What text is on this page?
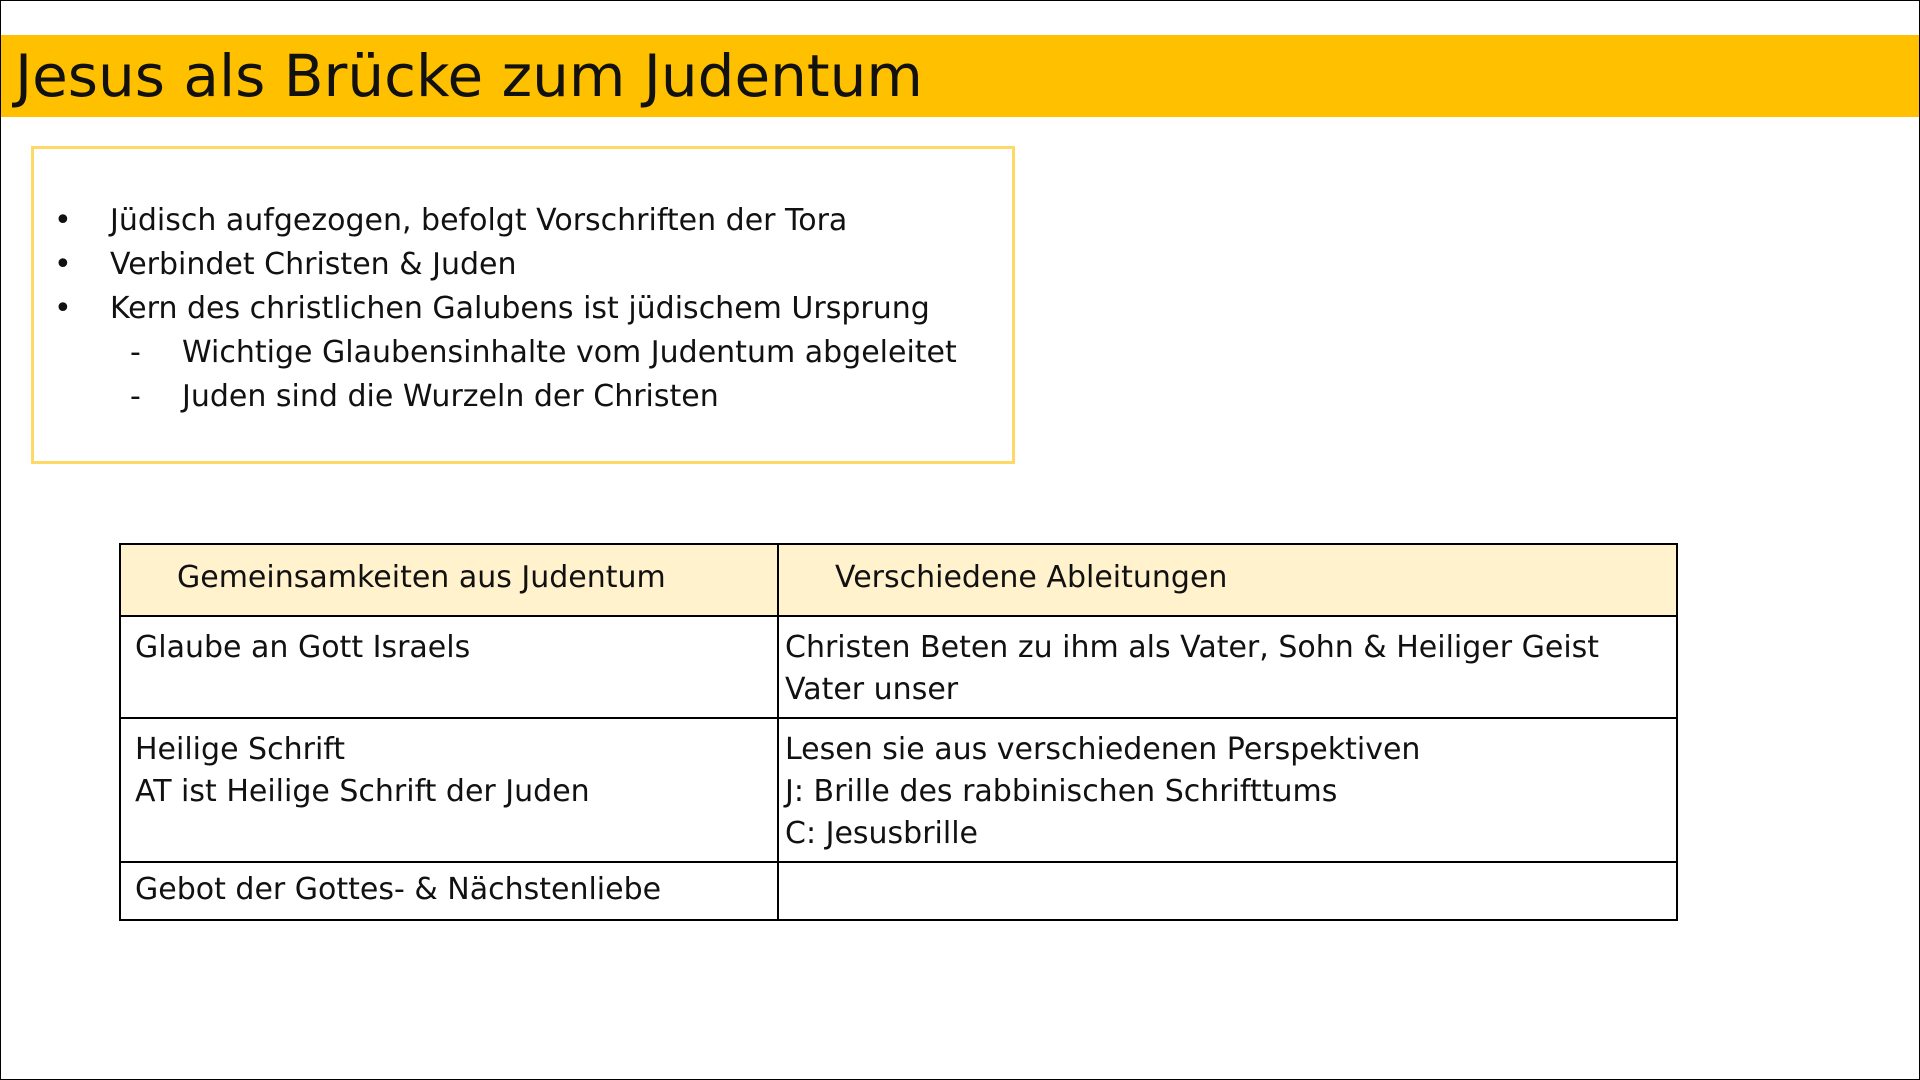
Jesus als Brücke zum Judentum
• Jüdisch aufgezogen, befolgt Vorschriften der Tora
• Verbindet Christen & Juden
• Kern des christlichen Galubens ist jüdischem Ursprung
- Wichtige Glaubensinhalte vom Judentum abgeleitet
- Juden sind die Wurzeln der Christen
Gemeinsamkeiten aus Judentum	Verschiedene Ableitungen

Glaube an Gott Israels	Christen Beten zu ihm als Vater, Sohn & Heiliger Geist
Vater unser

Heilige Schrift
AT ist Heilige Schrift der Juden	Lesen sie aus verschiedenen Perspektiven
J: Brille des rabbinischen Schrifttums
C: Jesusbrille

Gebot der Gottes- & Nächstenliebe	
